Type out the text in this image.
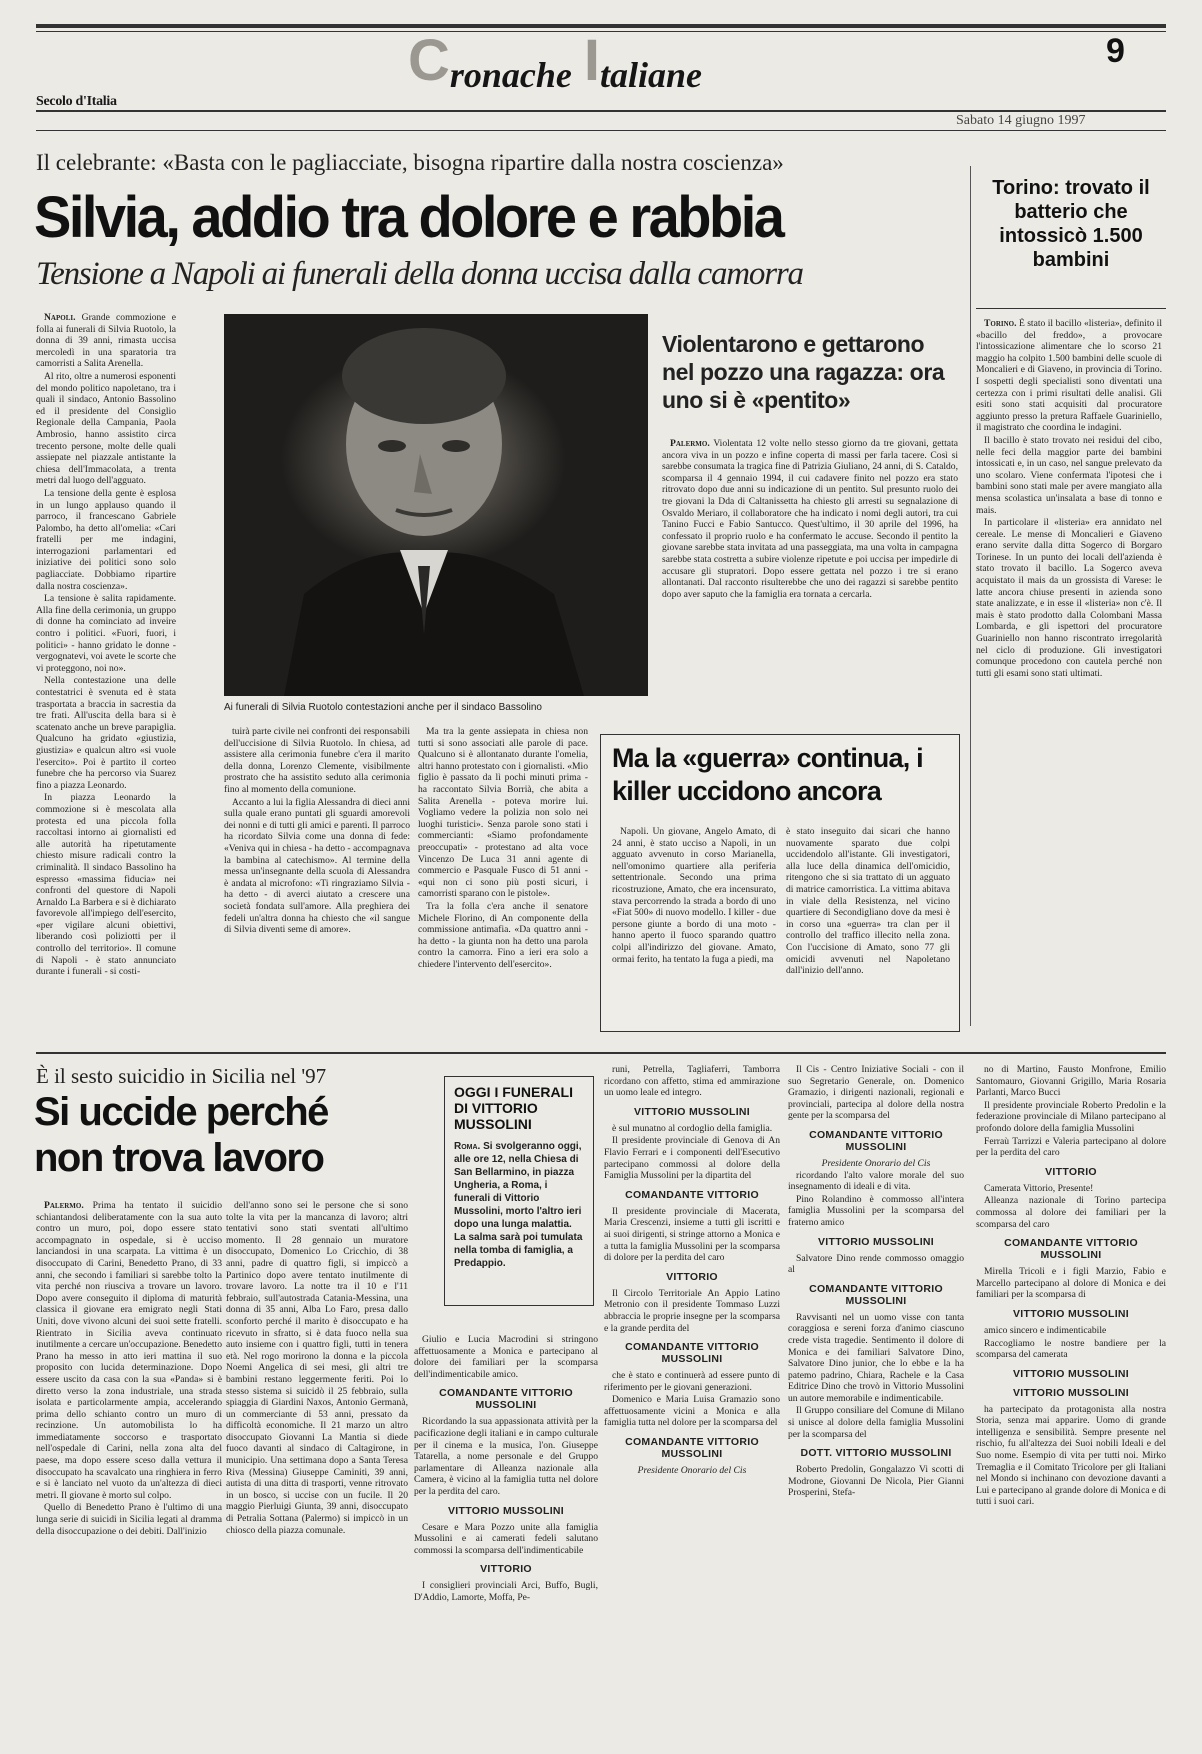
Cronache Italiane
9
Secolo d'Italia
Sabato 14 giugno 1997
Il celebrante: «Basta con le pagliacciate, bisogna ripartire dalla nostra coscienza»
Silvia, addio tra dolore e rabbia
Tensione a Napoli ai funerali della donna uccisa dalla camorra

Napoli. Grande commozione e folla ai funerali di Silvia Ruotolo, la donna di 39 anni, rimasta uccisa mercoledì in una sparatoria tra camorristi a Salita Arenella.

Al rito, oltre a numerosi esponenti del mondo politico napoletano, tra i quali il sindaco, Antonio Bassolino ed il presidente del Consiglio Regionale della Campania, Paola Ambrosio, hanno assistito circa trecento persone, molte delle quali assiepate nel piazzale antistante la chiesa dell'Immacolata, a trenta metri dal luogo dell'agguato.

La tensione della gente è esplosa in un lungo applauso quando il parroco, il francescano Gabriele Palombo, ha detto all'omelia: «Cari fratelli per me indagini, interrogazioni parlamentari ed iniziative dei politici sono solo pagliacciate. Dobbiamo ripartire dalla nostra coscienza».

La tensione è salita rapidamente. Alla fine della cerimonia, un gruppo di donne ha cominciato ad inveire contro i politici. «Fuori, fuori, i politici» - hanno gridato le donne - vergognatevi, voi avete le scorte che vi proteggono, noi no».

Nella contestazione una delle contestatrici è svenuta ed è stata trasportata a braccia in sacrestia da tre frati. All'uscita della bara si è scatenato anche un breve parapiglia. Qualcuno ha gridato «giustizia, giustizia» e qualcun altro «si vuole l'esercito». Poi è partito il corteo funebre che ha percorso via Suarez fino a piazza Leonardo.

In piazza Leonardo la commozione si è mescolata alla protesta ed una piccola folla raccoltasi intorno ai giornalisti ed alle autorità ha ripetutamente chiesto misure radicali contro la criminalità. Il sindaco Bassolino ha espresso «massima fiducia» nei confronti del questore di Napoli Arnaldo La Barbera e si è dichiarato favorevole all'impiego dell'esercito, «per vigilare alcuni obiettivi, liberando così poliziotti per il controllo del territorio». Il comune di Napoli - è stato annunciato durante i funerali - si costi-

Ai funerali di Silvia Ruotolo contestazioni anche per il sindaco Bassolino
Violentarono e gettarono nel pozzo una ragazza: ora uno si è «pentito»

Palermo. Violentata 12 volte nello stesso giorno da tre giovani, gettata ancora viva in un pozzo e infine coperta di massi per farla tacere. Così si sarebbe consumata la tragica fine di Patrizia Giuliano, 24 anni, di S. Cataldo, scomparsa il 4 gennaio 1994, il cui cadavere finito nel pozzo era stato ritrovato dopo due anni su indicazione di un pentito. Sul presunto ruolo dei tre giovani la Dda di Caltanissetta ha chiesto gli arresti su segnalazione di Osvaldo Meriaro, il collaboratore che ha indicato i nomi degli autori, tra cui Tanino Fucci e Fabio Santucco. Quest'ultimo, il 30 aprile del 1996, ha confessato il proprio ruolo e ha confermato le accuse. Secondo il pentito la giovane sarebbe stata invitata ad una passeggiata, ma una volta in campagna sarebbe stata costretta a subire violenze ripetute e poi uccisa per impedirle di accusare gli stupratori. Dopo essere gettata nel pozzo i tre si erano allontanati. Dal racconto risulterebbe che uno dei ragazzi si sarebbe pentito dopo aver saputo che la famiglia era tornata a cercarla.

Torino: trovato il batterio che intossicò 1.500 bambini

Torino. È stato il bacillo «listeria», definito il «bacillo del freddo», a provocare l'intossicazione alimentare che lo scorso 21 maggio ha colpito 1.500 bambini delle scuole di Moncalieri e di Giaveno, in provincia di Torino. I sospetti degli specialisti sono diventati una certezza con i primi risultati delle analisi. Gli esiti sono stati acquisiti dal procuratore aggiunto presso la pretura Raffaele Guariniello, il magistrato che coordina le indagini.

Il bacillo è stato trovato nei residui del cibo, nelle feci della maggior parte dei bambini intossicati e, in un caso, nel sangue prelevato da uno scolaro. Viene confermata l'ipotesi che i bambini sono stati male per avere mangiato alla mensa scolastica un'insalata a base di tonno e mais.

In particolare il «listeria» era annidato nel cereale. Le mense di Moncalieri e Giaveno erano servite dalla ditta Sogerco di Borgaro Torinese. In un punto dei locali dell'azienda è stato trovato il bacillo. La Sogerco aveva acquistato il mais da un grossista di Varese: le latte ancora chiuse presenti in azienda sono state analizzate, e in esse il «listeria» non c'è. Il mais è stato prodotto dalla Colombani Massa Lombarda, e gli ispettori del procuratore Guariniello non hanno riscontrato irregolarità nel ciclo di produzione. Gli investigatori comunque procedono con cautela perché non tutti gli esami sono stati ultimati.

tuirà parte civile nei confronti dei responsabili dell'uccisione di Silvia Ruotolo. In chiesa, ad assistere alla cerimonia funebre c'era il marito della donna, Lorenzo Clemente, visibilmente prostrato che ha assistito seduto alla cerimonia fino al momento della comunione.

Accanto a lui la figlia Alessandra di dieci anni sulla quale erano puntati gli sguardi amorevoli dei nonni e di tutti gli amici e parenti. Il parroco ha ricordato Silvia come una donna di fede: «Veniva qui in chiesa - ha detto - accompagnava la bambina al catechismo». Al termine della messa un'insegnante della scuola di Alessandra è andata al microfono: «Ti ringraziamo Silvia - ha detto - di averci aiutato a crescere una società fondata sull'amore. Alla preghiera dei fedeli un'altra donna ha chiesto che «il sangue di Silvia diventi seme di amore».

Ma tra la gente assiepata in chiesa non tutti si sono associati alle parole di pace. Qualcuno si è allontanato durante l'omelia, altri hanno protestato con i giornalisti. «Mio figlio è passato da lì pochi minuti prima - ha raccontato Silvia Borrià, che abita a Salita Arenella - poteva morire lui. Vogliamo vedere la polizia non solo nei luoghi turistici». Senza parole sono stati i commercianti: «Siamo profondamente preoccupati» - protestano ad alta voce Vincenzo De Luca 31 anni agente di commercio e Pasquale Fusco di 51 anni - «qui non ci sono più posti sicuri, i camorristi sparano con le pistole».

Tra la folla c'era anche il senatore Michele Florino, di An componente della commissione antimafia. «Da quattro anni - ha detto - la giunta non ha detto una parola contro la camorra. Fino a ieri era solo a chiedere l'intervento dell'esercito».

Ma la «guerra» continua, i killer uccidono ancora
Napoli. Un giovane, Angelo Amato, di 24 anni, è stato ucciso a Napoli, in un agguato avvenuto in corso Marianella, nell'omonimo quartiere alla periferia settentrionale. Secondo una prima ricostruzione, Amato, che era incensurato, stava percorrendo la strada a bordo di uno «Fiat 500» di nuovo modello. I killer - due persone giunte a bordo di una moto - hanno aperto il fuoco sparando quattro colpi all'indirizzo del giovane. Amato, ormai ferito, ha tentato la fuga a piedi, ma
è stato inseguito dai sicari che hanno nuovamente sparato due colpi uccidendolo all'istante. Gli investigatori, alla luce della dinamica dell'omicidio, ritengono che si sia trattato di un agguato di matrice camorristica. La vittima abitava in viale della Resistenza, nel vicino quartiere di Secondigliano dove da mesi è in corso una «guerra» tra clan per il controllo del traffico illecito nella zona. Con l'uccisione di Amato, sono 77 gli omicidi avvenuti nel Napoletano dall'inizio dell'anno.
È il sesto suicidio in Sicilia nel '97
Si uccide perché
non trova lavoro

Palermo. Prima ha tentato il suicidio schiantandosi deliberatamente con la sua auto contro un muro, poi, dopo essere stato accompagnato in ospedale, si è ucciso lanciandosi in una scarpata. La vittima è un disoccupato di Carini, Benedetto Prano, di 33 anni, che secondo i familiari si sarebbe tolto la vita perché non riusciva a trovare un lavoro. Dopo avere conseguito il diploma di maturità classica il giovane era emigrato negli Stati Uniti, dove vivono alcuni dei suoi sette fratelli. Rientrato in Sicilia aveva continuato inutilmente a cercare un'occupazione. Benedetto Prano ha messo in atto ieri mattina il suo proposito con lucida determinazione. Dopo essere uscito da casa con la sua «Panda» si è diretto verso la zona industriale, una strada isolata e particolarmente ampia, accelerando prima dello schianto contro un muro di recinzione. Un automobilista lo ha immediatamente soccorso e trasportato nell'ospedale di Carini, nella zona alta del paese, ma dopo essere sceso dalla vettura il disoccupato ha scavalcato una ringhiera in ferro e si è lanciato nel vuoto da un'altezza di dieci metri. Il giovane è morto sul colpo.

Quello di Benedetto Prano è l'ultimo di una lunga serie di suicidi in Sicilia legati al dramma della disoccupazione o dei debiti. Dall'inizio

dell'anno sono sei le persone che si sono tolte la vita per la mancanza di lavoro; altri tentativi sono stati sventati all'ultimo momento. Il 28 gennaio un muratore disoccupato, Domenico Lo Cricchio, di 38 anni, padre di quattro figli, si impiccò a Partinico dopo avere tentato inutilmente di trovare lavoro. La notte tra il 10 e l'11 febbraio, sull'autostrada Catania-Messina, una donna di 35 anni, Alba Lo Faro, presa dallo sconforto perché il marito è disoccupato e ha ricevuto in sfratto, si è data fuoco nella sua auto insieme con i quattro figli, tutti in tenera età. Nel rogo morirono la donna e la piccola Noemi Angelica di sei mesi, gli altri tre bambini restano leggermente feriti. Poi lo stesso sistema si suicidò il 25 febbraio, sulla spiaggia di Giardini Naxos, Antonio Germanà, un commerciante di 53 anni, pressato da difficoltà economiche. Il 21 marzo un altro disoccupato Giovanni La Mantia si diede fuoco davanti al sindaco di Caltagirone, in municipio. Una settimana dopo a Santa Teresa Riva (Messina) Giuseppe Caminiti, 39 anni, autista di una ditta di trasporti, venne ritrovato in un bosco, si uccise con un fucile. Il 20 maggio Pierluigi Giunta, 39 anni, disoccupato di Petralia Sottana (Palermo) si impiccò in un chiosco della piazza comunale.

OGGI I FUNERALI DI VITTORIO MUSSOLINI
Roma. Si svolgeranno oggi, alle ore 12, nella Chiesa di San Bellarmino, in piazza Ungheria, a Roma, i funerali di Vittorio Mussolini, morto l'altro ieri dopo una lunga malattia. La salma sarà poi tumulata nella tomba di famiglia, a Predappio.

Giulio e Lucia Macrodini si stringono affettuosamente a Monica e partecipano al dolore dei familiari per la scomparsa dell'indimenticabile amico.

COMANDANTE VITTORIO MUSSOLINI

Ricordando la sua appassionata attività per la pacificazione degli italiani e in campo culturale per il cinema e la musica, l'on. Giuseppe Tatarella, a nome personale e del Gruppo parlamentare di Alleanza nazionale alla Camera, è vicino al la famiglia tutta nel dolore per la perdita del caro.

VITTORIO MUSSOLINI

Cesare e Mara Pozzo unite alla famiglia Mussolini e ai camerati fedeli salutano commossi la scomparsa dell'indimenticabile

VITTORIO

I consiglieri provinciali Arci, Buffo, Bugli, D'Addio, Lamorte, Moffa, Pe-

runi, Petrella, Tagliaferri, Tamborra ricordano con affetto, stima ed ammirazione un uomo leale ed integro.

VITTORIO MUSSOLINI

è sul munatno al cordoglio della famiglia.

Il presidente provinciale di Genova di An Flavio Ferrari e i componenti dell'Esecutivo partecipano commossi al dolore della Famiglia Mussolini per la dipartita del

COMANDANTE VITTORIO

Il presidente provinciale di Macerata, Maria Crescenzi, insieme a tutti gli iscritti e ai suoi dirigenti, si stringe attorno a Monica e a tutta la famiglia Mussolini per la scomparsa di dolore per la perdita del caro

VITTORIO

Il Circolo Territoriale An Appio Latino Metronio con il presidente Tommaso Luzzi abbraccia le proprie insegne per la scomparsa e la grande perdita del

COMANDANTE VITTORIO MUSSOLINI

che è stato e continuerà ad essere punto di riferimento per le giovani generazioni.

Domenico e Maria Luisa Gramazio sono affettuosamente vicini a Monica e alla famiglia tutta nel dolore per la scomparsa del

COMANDANTE VITTORIO MUSSOLINI
Presidente Onorario del Cis

Il Cis - Centro Iniziative Sociali - con il suo Segretario Generale, on. Domenico Gramazio, i dirigenti nazionali, regionali e provinciali, partecipa al dolore della nostra gente per la scomparsa del

COMANDANTE VITTORIO MUSSOLINI
Presidente Onorario del Cis

ricordando l'alto valore morale del suo insegnamento di ideali e di vita.

Pino Rolandino è commosso all'intera famiglia Mussolini per la scomparsa del fraterno amico

VITTORIO MUSSOLINI

Salvatore Dino rende commosso omaggio al

COMANDANTE VITTORIO MUSSOLINI

Ravvisanti nel un uomo visse con tanta coraggiosa e sereni forza d'animo ciascuno crede vista tragedie. Sentimento il dolore di Monica e dei familiari Salvatore Dino, Salvatore Dino junior, che lo ebbe e la ha patemo padrino, Chiara, Rachele e la Casa Editrice Dino che trovò in Vittorio Mussolini un autore memorabile e indimenticabile.

Il Gruppo consiliare del Comune di Milano si unisce al dolore della famiglia Mussolini per la scomparsa del

DOTT. VITTORIO MUSSOLINI

Roberto Predolin, Gongalazzo Vi scotti di Modrone, Giovanni De Nicola, Pier Gianni Prosperini, Stefa-

no di Martino, Fausto Monfrone, Emilio Santomauro, Giovanni Grigillo, Maria Rosaria Parlanti, Marco Bucci

Il presidente provinciale Roberto Predolin e la federazione provinciale di Milano partecipano al profondo dolore della famiglia Mussolini

Ferraù Tarrizzi e Valeria partecipano al dolore per la perdita del caro

VITTORIO

Camerata Vittorio, Presente!

Alleanza nazionale di Torino partecipa commossa al dolore dei familiari per la scomparsa del caro

COMANDANTE VITTORIO MUSSOLINI

Mirella Tricoli e i figli Marzio, Fabio e Marcello partecipano al dolore di Monica e dei familiari per la scomparsa di

VITTORIO MUSSOLINI

amico sincero e indimenticabile

Raccogliamo le nostre bandiere per la scomparsa del camerata

VITTORIO MUSSOLINI
VITTORIO MUSSOLINI

ha partecipato da protagonista alla nostra Storia, senza mai apparire. Uomo di grande intelligenza e sensibilità. Sempre presente nel rischio, fu all'altezza dei Suoi nobili Ideali e del Suo nome. Esempio di vita per tutti noi. Mirko Tremaglia e il Comitato Tricolore per gli Italiani nel Mondo si inchinano con devozione davanti a Lui e partecipano al grande dolore di Monica e di tutti i suoi cari.
